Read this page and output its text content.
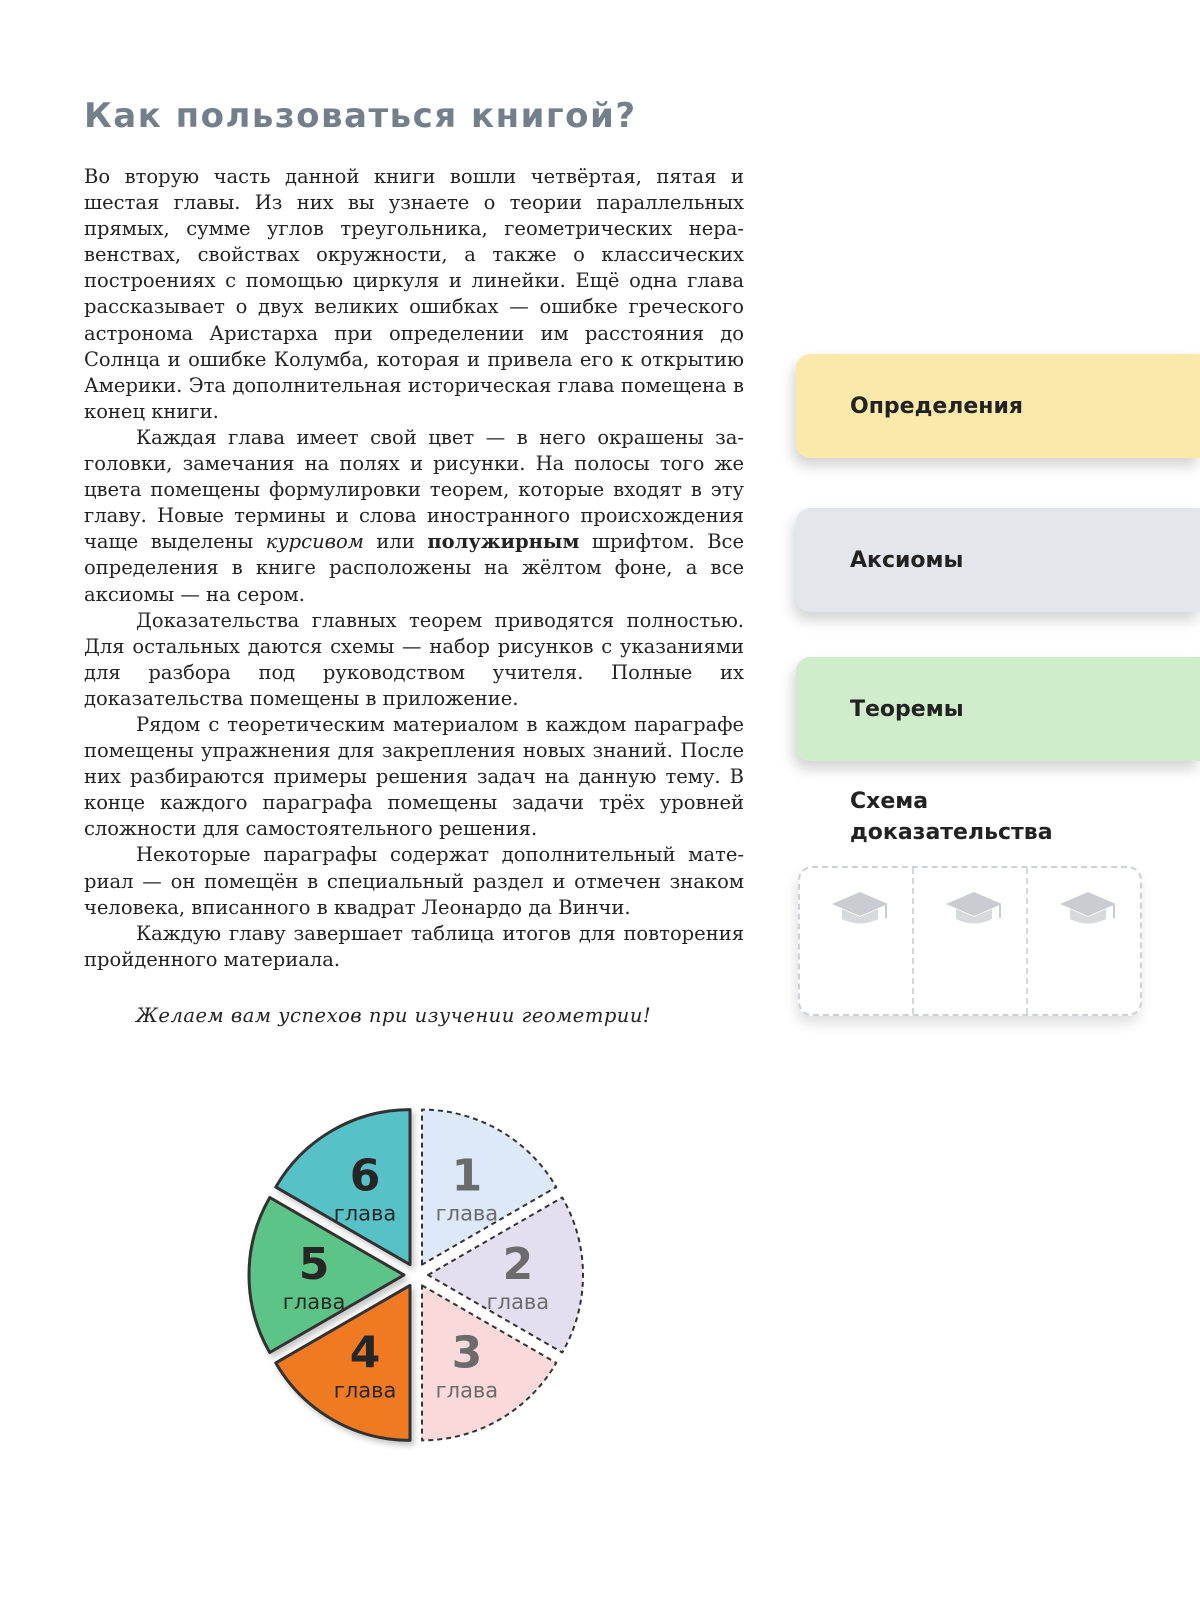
Как пользоваться книгой?

Во вторую часть данной книги вошли четвёртая, пятая и шестая главы. Из них вы узнаете о теории параллельных прямых, сумме углов треугольника, геометрических неравенствах, свойствах окружности, а также о классических построениях с помощью циркуля и линейки. Ещё одна глава рассказывает о двух великих ошибках — ошибке греческого астронома Аристарха при определении им расстояния до Солнца и ошибке Колумба, которая и привела его к открытию Америки. Эта дополнительная историческая глава помещена в конец книги.

Каждая глава имеет свой цвет — в него окрашены заголовки, замечания на полях и рисунки. На полосы того же цвета помещены формулировки теорем, которые входят в эту главу. Новые термины и слова иностранного происхождения чаще выделены курсивом или полужирным шрифтом. Все определения в книге расположены на жёлтом фоне, а все аксиомы — на сером.

Доказательства главных теорем приводятся полностью. Для остальных даются схемы — набор рисунков с указаниями для разбора под руководством учителя. Полные их доказательства помещены в приложение.

Рядом с теоретическим материалом в каждом параграфе помещены упражнения для закрепления новых знаний. После них разбираются примеры решения задач на данную тему. В конце каждого параграфа помещены задачи трёх уровней сложности для самостоятельного решения.

Некоторые параграфы содержат дополнительный материал — он помещён в специальный раздел и отмечен знаком человека, вписанного в квадрат Леонардо да Винчи.

Каждую главу завершает таблица итогов для повторения пройденного материала.

Желаем вам успехов при изучении геометрии!

Определения
Аксиомы
Теоремы
Схема доказательства
1
глава
2
глава
3
глава
4
глава
5
глава
6
глава
